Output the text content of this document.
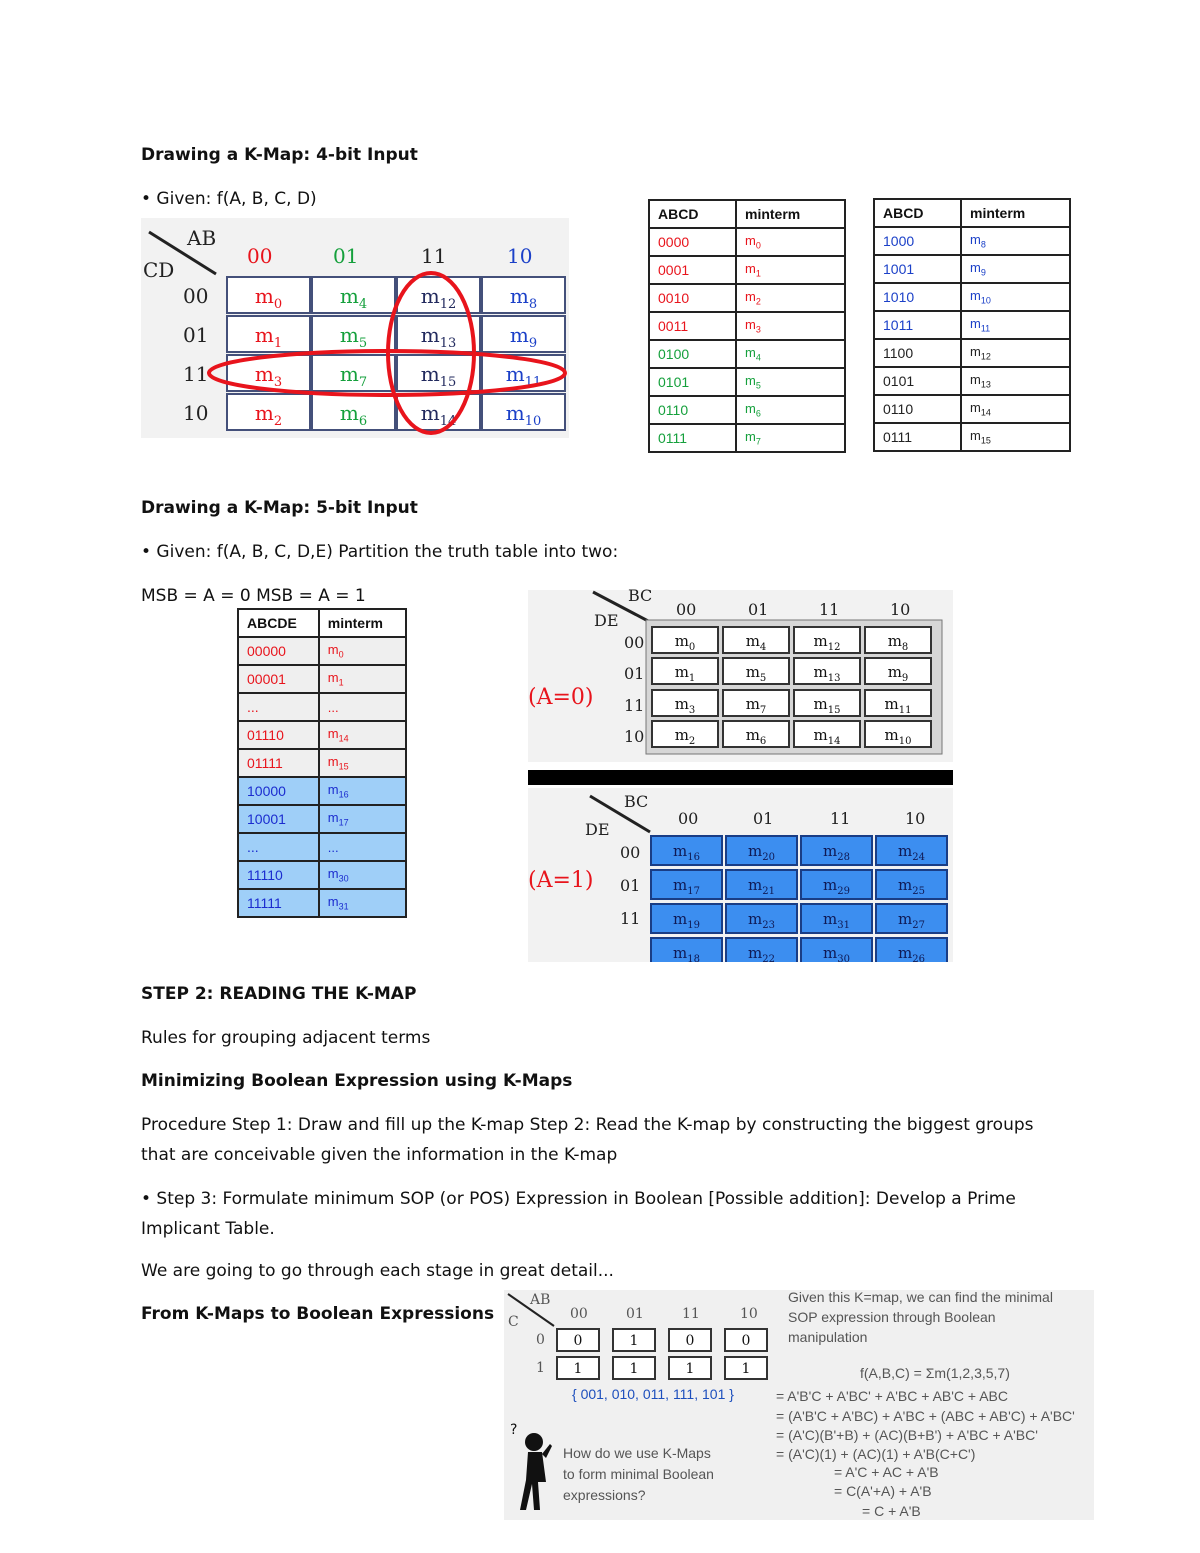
Drawing a K-Map: 4-bit Input
• Given: f(A, B, C, D)
AB
CD
00	01	11	10
00
01
11
10
$m_0$	$m_4$	$m_{12}$	$m_8$
$m_1$	$m_5$	$m_{13}$	$m_9$
$m_3$	$m_7$	$m_{15}$	$m_{11}$
$m_2$	$m_6$	$m_{14}$	$m_{10}$
ABCD	minterm
0000	$m_0$
0001	$m_1$
0010	$m_2$
0011	$m_3$
0100	$m_4$
0101	$m_5$
0110	$m_6$
0111	$m_7$
ABCD	minterm
1000	$m_8$
1001	$m_9$
1010	$m_{10}$
1011	$m_{11}$
1100	$m_{12}$
0101	$m_{13}$
0110	$m_{14}$
0111	$m_{15}$
Drawing a K-Map: 5-bit Input
• Given: f(A, B, C, D,E) Partition the truth table into two:
MSB = A = 0 MSB = A = 1
ABCDE	minterm
00000	$m_0$
00001	$m_1$
...	...
01110	$m_{14}$
01111	$m_{15}$
10000	$m_{16}$
10001	$m_{17}$
...	...
11110	$m_{30}$
11111	$m_{31}$
BC
DE
00	01	11	10
00
01
11
10
(A=0)
$m_0$	$m_4$	$m_{12}$	$m_8$
$m_1$	$m_5$	$m_{13}$	$m_9$
$m_3$	$m_7$	$m_{15}$	$m_{11}$
$m_2$	$m_6$	$m_{14}$	$m_{10}$
BC
DE
00	01	11	10
00
01
11
(A=1)
$m_{16}$	$m_{20}$	$m_{28}$	$m_{24}$
$m_{17}$	$m_{21}$	$m_{29}$	$m_{25}$
$m_{19}$	$m_{23}$	$m_{31}$	$m_{27}$
$m_{18}$	$m_{22}$	$m_{30}$	$m_{26}$
STEP 2: READING THE K-MAP
Rules for grouping adjacent terms
Minimizing Boolean Expression using K-Maps
Procedure Step 1: Draw and fill up the K-map Step 2: Read the K-map by constructing the biggest groups that are conceivable given the information in the K-map
• Step 3: Formulate minimum SOP (or POS) Expression in Boolean [Possible addition]: Develop a Prime Implicant Table.
We are going to go through each stage in great detail...
From K-Maps to Boolean Expressions
AB
C	00	01	11	10
0
1
0	1	0	0
1	1	1	1
{ 001, 010, 011, 111, 101 }
?
How do we use K-Maps
to form minimal Boolean
expressions?
Given this K=map, we can find the minimal
SOP expression through Boolean
manipulation
f(A,B,C) = Σm(1,2,3,5,7)
= A'B'C + A'BC' + A'BC + AB'C + ABC
= (A'B'C + A'BC) + A'BC + (ABC + AB'C) + A'BC'
= (A'C)(B'+B) + (AC)(B+B') + A'BC + A'BC'
= (A'C)(1) + (AC)(1) + A'B(C+C')
= A'C + AC + A'B
= C(A'+A) + A'B
= C + A'B
